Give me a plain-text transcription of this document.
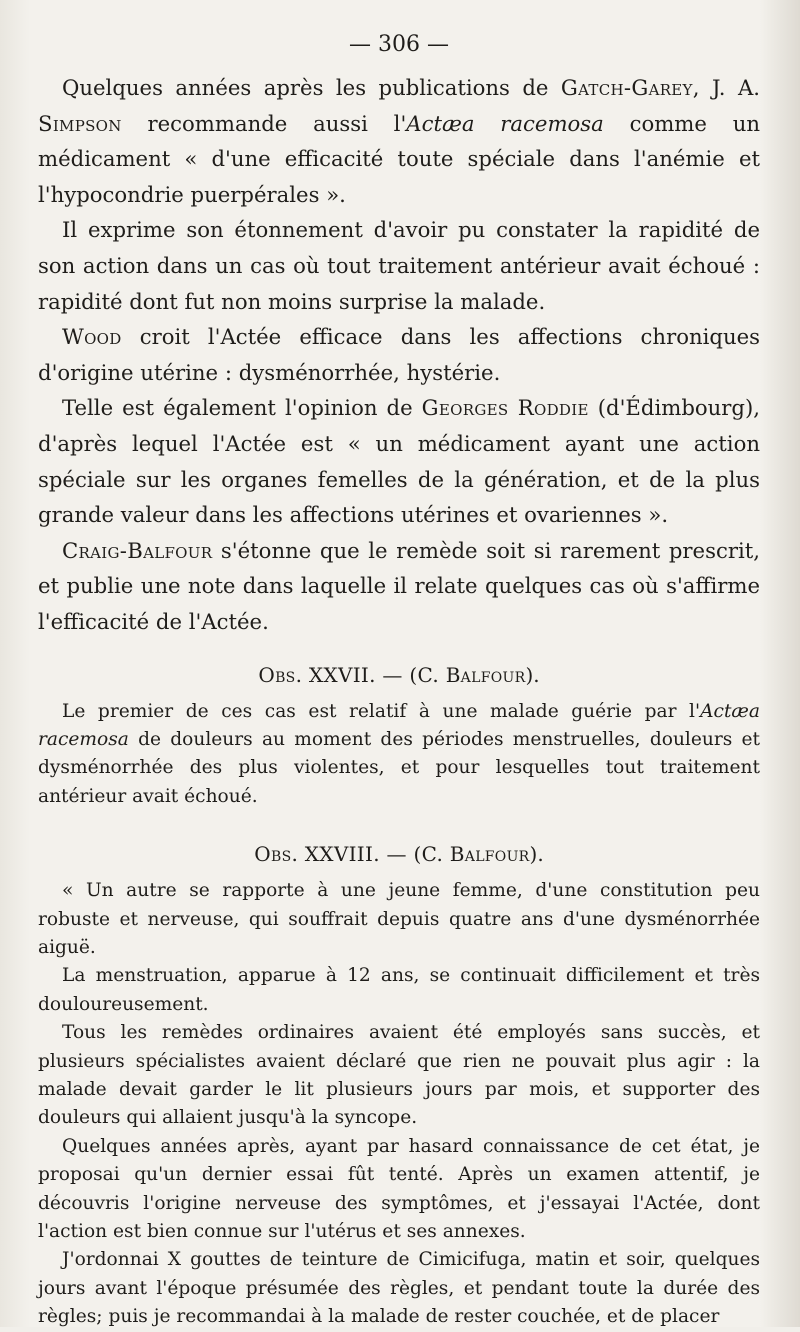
— 306 —

Quelques années après les publications de Gatch-Garey, J. A. Simpson recommande aussi l'Actæa racemosa comme un médicament « d'une efficacité toute spéciale dans l'anémie et l'hypocondrie puerpérales ».

Il exprime son étonnement d'avoir pu constater la rapidité de son action dans un cas où tout traitement antérieur avait échoué : rapidité dont fut non moins surprise la malade.

Wood croit l'Actée efficace dans les affections chroniques d'origine utérine : dysménorrhée, hystérie.

Telle est également l'opinion de Georges Roddie (d'Édimbourg), d'après lequel l'Actée est « un médicament ayant une action spéciale sur les organes femelles de la génération, et de la plus grande valeur dans les affections utérines et ovariennes ».

Craig-Balfour s'étonne que le remède soit si rarement prescrit, et publie une note dans laquelle il relate quelques cas où s'affirme l'efficacité de l'Actée.

Obs. XXVII. — (C. Balfour).

Le premier de ces cas est relatif à une malade guérie par l'Actæa racemosa de douleurs au moment des périodes menstruelles, douleurs et dysménorrhée des plus violentes, et pour lesquelles tout traitement antérieur avait échoué.

Obs. XXVIII. — (C. Balfour).

« Un autre se rapporte à une jeune femme, d'une constitution peu robuste et nerveuse, qui souffrait depuis quatre ans d'une dysménorrhée aiguë.

La menstruation, apparue à 12 ans, se continuait difficilement et très douloureusement.

Tous les remèdes ordinaires avaient été employés sans succès, et plusieurs spécialistes avaient déclaré que rien ne pouvait plus agir : la malade devait garder le lit plusieurs jours par mois, et supporter des douleurs qui allaient jusqu'à la syncope.

Quelques années après, ayant par hasard connaissance de cet état, je proposai qu'un dernier essai fût tenté. Après un examen attentif, je découvris l'origine nerveuse des symptômes, et j'essayai l'Actée, dont l'action est bien connue sur l'utérus et ses annexes.

J'ordonnai X gouttes de teinture de Cimicifuga, matin et soir, quelques jours avant l'époque présumée des règles, et pendant toute la durée des règles; puis je recommandai à la malade de rester couchée, et de placer
